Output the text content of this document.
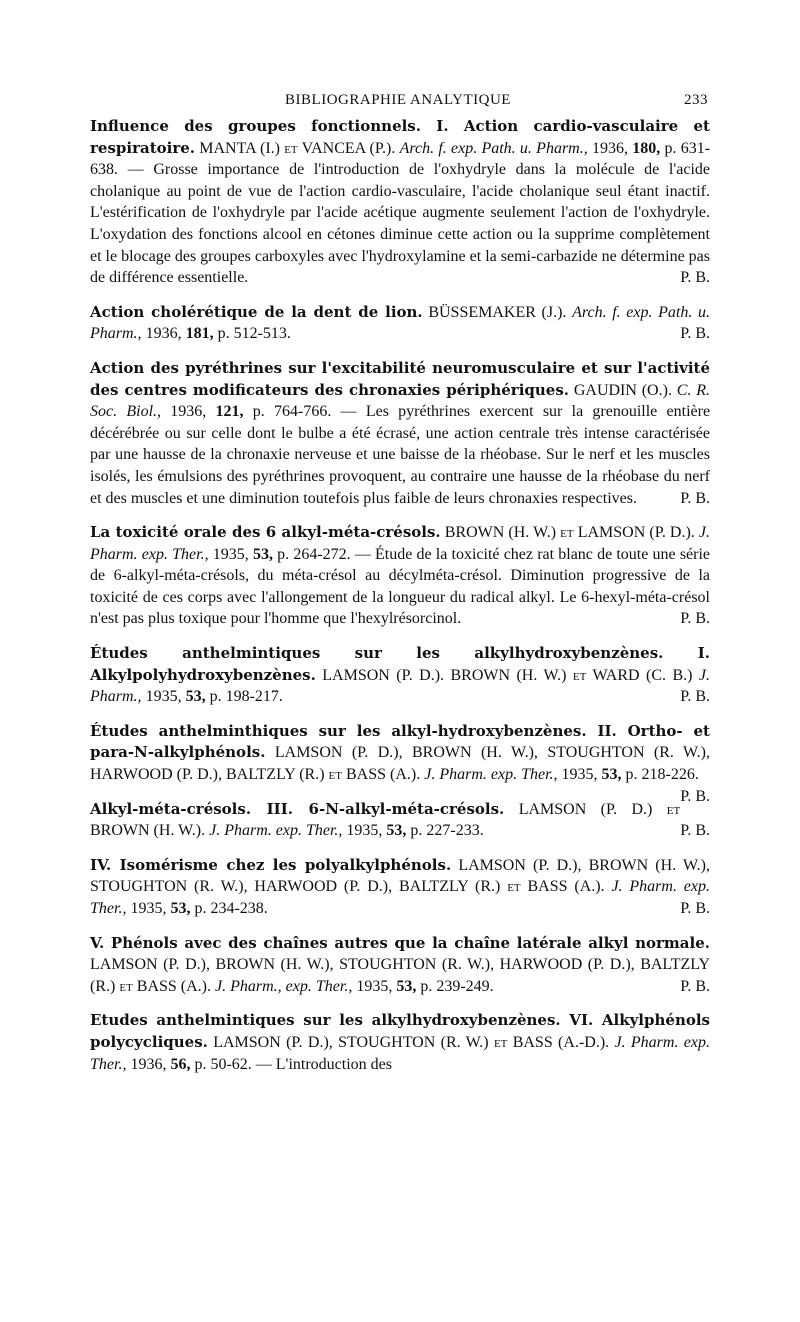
BIBLIOGRAPHIE ANALYTIQUE	233

Influence des groupes fonctionnels. I. Action cardio-vasculaire et respiratoire. MANTA (I.) et VANCEA (P.). Arch. f. exp. Path. u. Pharm., 1936, 180, p. 631-638. — Grosse importance de l'introduction de l'oxhydryle dans la molécule de l'acide cholanique au point de vue de l'action cardio-vasculaire, l'acide cholanique seul étant inactif. L'estérification de l'oxhydryle par l'acide acétique augmente seulement l'action de l'oxhydryle. L'oxydation des fonctions alcool en cétones diminue cette action ou la supprime complètement et le blocage des groupes carboxyles avec l'hydroxylamine et la semi-carbazide ne détermine pas de différence essentielle.	P. B.

Action cholérétique de la dent de lion. BÜSSEMAKER (J.). Arch. f. exp. Path. u. Pharm., 1936, 181, p. 512-513.	P. B.

Action des pyréthrines sur l'excitabilité neuromusculaire et sur l'activité des centres modificateurs des chronaxies périphériques. GAUDIN (O.). C. R. Soc. Biol., 1936, 121, p. 764-766. — Les pyréthrines exercent sur la grenouille entière décérébrée ou sur celle dont le bulbe a été écrasé, une action centrale très intense caractérisée par une hausse de la chronaxie nerveuse et une baisse de la rhéobase. Sur le nerf et les muscles isolés, les émulsions des pyréthrines provoquent, au contraire une hausse de la rhéobase du nerf et des muscles et une diminution toutefois plus faible de leurs chronaxies respectives.	P. B.

La toxicité orale des 6 alkyl-méta-crésols. BROWN (H. W.) et LAMSON (P. D.). J. Pharm. exp. Ther., 1935, 53, p. 264-272. — Étude de la toxicité chez rat blanc de toute une série de 6-alkyl-méta-crésols, du méta-crésol au décylméta-crésol. Diminution progressive de la toxicité de ces corps avec l'allongement de la longueur du radical alkyl. Le 6-hexyl-méta-crésol n'est pas plus toxique pour l'homme que l'hexylrésorcinol.	P. B.

Études anthelmintiques sur les alkylhydroxybenzènes. I. Alkylpolyhydroxybenzènes. LAMSON (P. D.). BROWN (H. W.) et WARD (C. B.) J. Pharm., 1935, 53, p. 198-217.	P. B.

Études anthelminthiques sur les alkyl-hydroxybenzènes. II. Ortho- et para-N-alkylphénols. LAMSON (P. D.), BROWN (H. W.), STOUGHTON (R. W.), HARWOOD (P. D.), BALTZLY (R.) et BASS (A.). J. Pharm. exp. Ther., 1935, 53, p. 218-226.
P. B.

Alkyl-méta-crésols. III. 6-N-alkyl-méta-crésols. LAMSON (P. D.) et BROWN (H. W.). J. Pharm. exp. Ther., 1935, 53, p. 227-233.	P. B.

IV. Isomérisme chez les polyalkylphénols. LAMSON (P. D.), BROWN (H. W.), STOUGHTON (R. W.), HARWOOD (P. D.), BALTZLY (R.) et BASS (A.). J. Pharm. exp. Ther., 1935, 53, p. 234-238.	P. B.

V. Phénols avec des chaînes autres que la chaîne latérale alkyl normale. LAMSON (P. D.), BROWN (H. W.), STOUGHTON (R. W.), HARWOOD (P. D.), BALTZLY (R.) et BASS (A.). J. Pharm., exp. Ther., 1935, 53, p. 239-249.	P. B.

Etudes anthelmintiques sur les alkylhydroxybenzènes. VI. Alkylphénols polycycliques. LAMSON (P. D.), STOUGHTON (R. W.) et BASS (A.-D.). J. Pharm. exp. Ther., 1936, 56, p. 50-62. — L'introduction des
